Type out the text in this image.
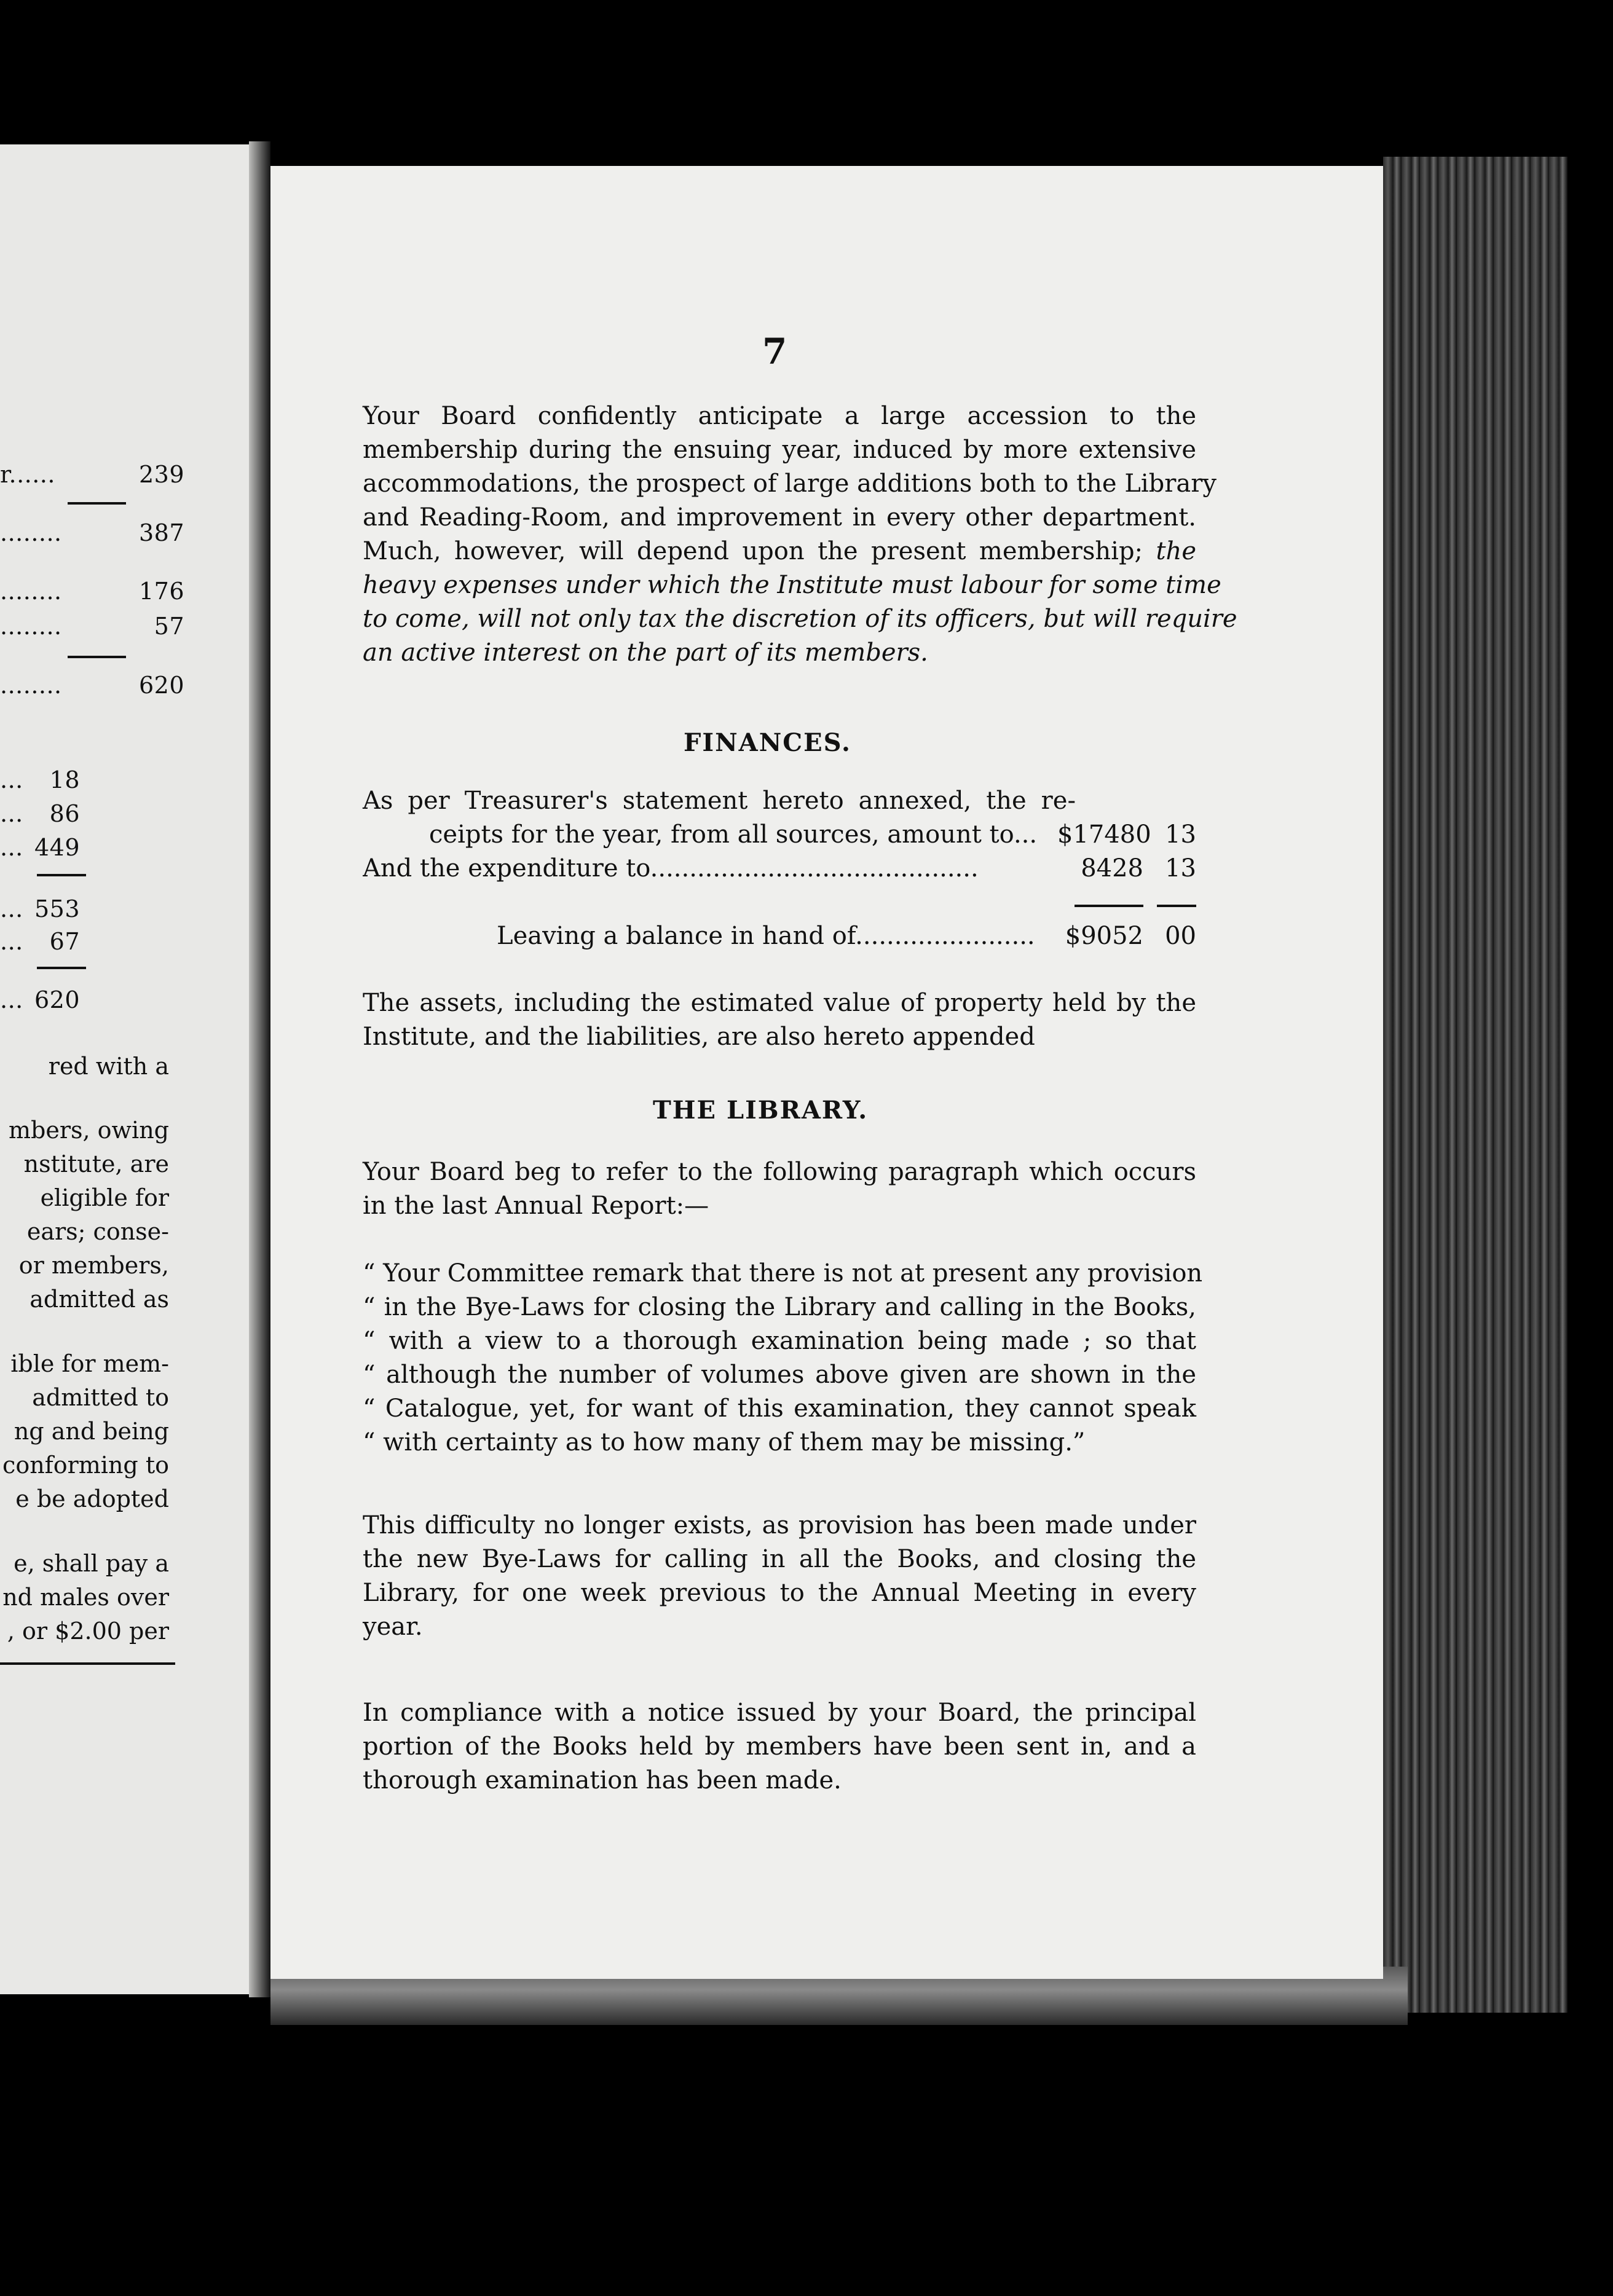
r......	239
........	387
........	176
........	57
........	620
... 18
... 86
... 449
... 553
... 67
... 620
red with a
mbers, owing
nstitute, are
eligible for
ears; conse-
or members,
admitted as
ible for mem-
admitted to
ng and being
conforming to
e be adopted
e, shall pay a
nd males over
, or $2.00 per
7
Your Board confidently anticipate a large accession to the
membership during the ensuing year, induced by more extensive
accommodations, the prospect of large additions both to the Library
and Reading-Room, and improvement in every other department.
Much, however, will depend upon the present membership; the
heavy expenses under which the Institute must labour for some time
to come, will not only tax the discretion of its officers, but will require
an active interest on the part of its members.
FINANCES.
As per Treasurer's statement hereto annexed, the re-
ceipts for the year, from all sources, amount to... $17480 13
And the expenditure to..........................................	8428 13
Leaving a balance in hand of.......................	$9052 00
The assets, including the estimated value of property held by the
Institute, and the liabilities, are also hereto appended
THE LIBRARY.
Your Board beg to refer to the following paragraph which occurs
in the last Annual Report:—
“ Your Committee remark that there is not at present any provision
“ in the Bye-Laws for closing the Library and calling in the Books,
“ with a view to a thorough examination being made ; so that
“ although the number of volumes above given are shown in the
“ Catalogue, yet, for want of this examination, they cannot speak
“ with certainty as to how many of them may be missing.”
This difficulty no longer exists, as provision has been made under
the new Bye-Laws for calling in all the Books, and closing the
Library, for one week previous to the Annual Meeting in every
year.
In compliance with a notice issued by your Board, the principal
portion of the Books held by members have been sent in, and a
thorough examination has been made.
